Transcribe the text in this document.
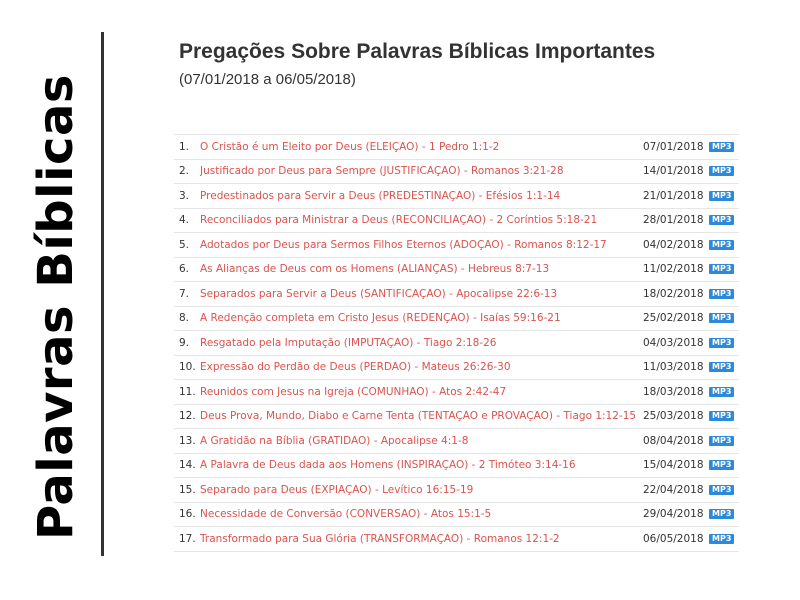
Palavras Bíblicas
Pregações Sobre Palavras Bíblicas Importantes

(07/01/2018 a 06/05/2018)

1.	O Cristão é um Eleito por Deus (ELEIÇÃO) - 1 Pedro 1:1-2	07/01/2018	MP3
2.	Justificado por Deus para Sempre (JUSTIFICAÇÃO) - Romanos 3:21-28	14/01/2018	MP3
3.	Predestinados para Servir a Deus (PREDESTINAÇÃO) - Efésios 1:1-14	21/01/2018	MP3
4.	Reconciliados para Ministrar a Deus (RECONCILIAÇÃO) - 2 Coríntios 5:18-21	28/01/2018	MP3
5.	Adotados por Deus para Sermos Filhos Eternos (ADOÇÃO) - Romanos 8:12-17	04/02/2018	MP3
6.	As Alianças de Deus com os Homens (ALIANÇAS) - Hebreus 8:7-13	11/02/2018	MP3
7.	Separados para Servir a Deus (SANTIFICAÇÃO) - Apocalipse 22:6-13	18/02/2018	MP3
8.	A Redenção completa em Cristo Jesus (REDENÇÃO) - Isaías 59:16-21	25/02/2018	MP3
9.	Resgatado pela Imputação (IMPUTAÇÃO) - Tiago 2:18-26	04/03/2018	MP3
10. Expressão do Perdão de Deus (PERDÃO) - Mateus 26:26-30	11/03/2018	MP3
11. Reunidos com Jesus na Igreja (COMUNHÃO) - Atos 2:42-47	18/03/2018	MP3
12. Deus Prova, Mundo, Diabo e Carne Tenta (TENTAÇÃO e PROVAÇÃO) - Tiago 1:12-15 25/03/2018	MP3
13. A Gratidão na Bíblia (GRATIDÃO) - Apocalipse 4:1-8	08/04/2018	MP3
14. A Palavra de Deus dada aos Homens (INSPIRAÇÃO) - 2 Timóteo 3:14-16	15/04/2018	MP3
15. Separado para Deus (EXPIAÇÃO) - Levítico 16:15-19	22/04/2018	MP3
16. Necessidade de Conversão (CONVERSÃO) - Atos 15:1-5	29/04/2018	MP3
17. Transformado para Sua Glória (TRANSFORMAÇÃO) - Romanos 12:1-2	06/05/2018	MP3
